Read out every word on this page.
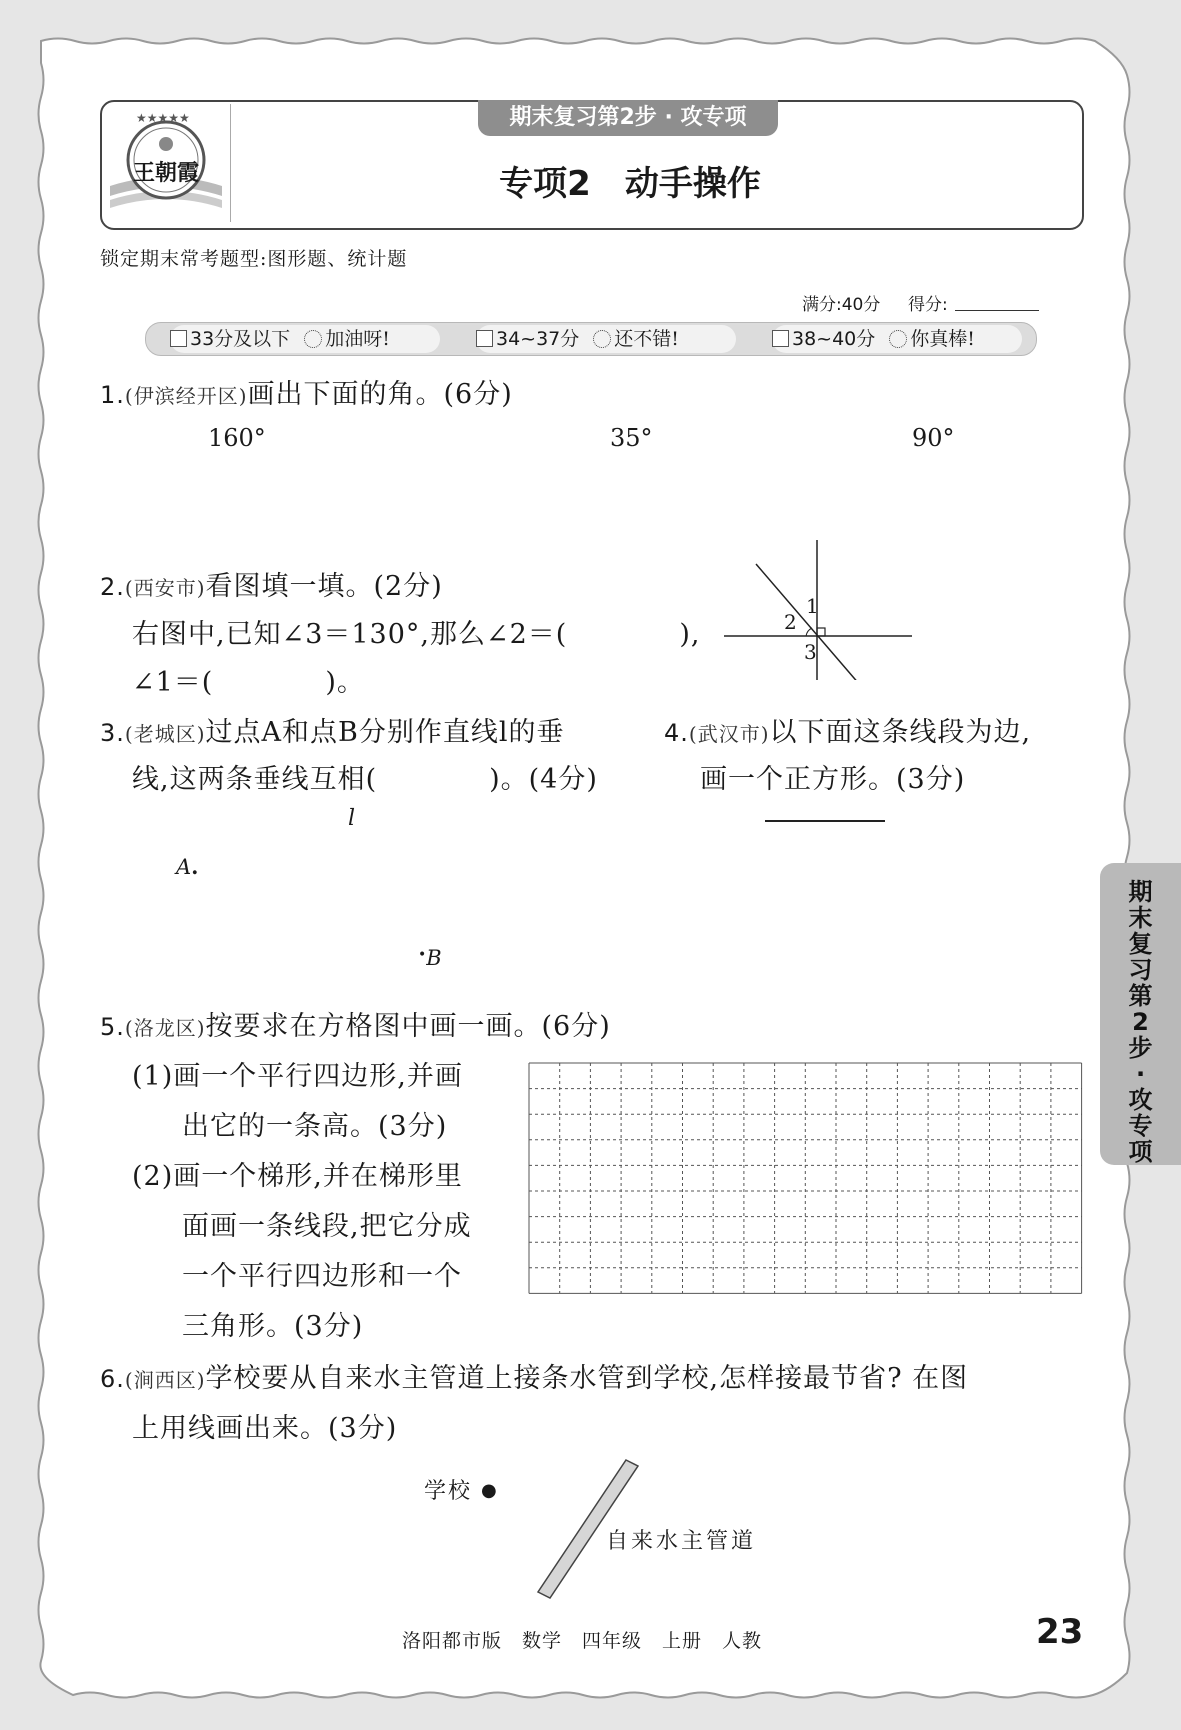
★★★★★
王朝霞
期末复习第2步 · 攻专项
专项2　动手操作
锁定期末常考题型:图形题、统计题
满分:40分 得分:
33分及以下 加油呀!	34~37分 还不错!	38~40分 你真棒!
1.(伊滨经开区)画出下面的角。(6分)
160°	35°	90°
2.(西安市)看图填一填。(2分)
右图中,已知∠3＝130°,那么∠2＝(　　　　),
∠1＝(　　　　)。
1
2
3
3.(老城区)过点A和点B分别作直线l的垂
线,这两条垂线互相(　　　　)。(4分)
l
A.
•B
4.(武汉市)以下面这条线段为边,
画一个正方形。(3分)
5.(洛龙区)按要求在方格图中画一画。(6分)
(1)画一个平行四边形,并画
出它的一条高。(3分)
(2)画一个梯形,并在梯形里
面画一条线段,把它分成
一个平行四边形和一个
三角形。(3分)
6.(涧西区)学校要从自来水主管道上接条水管到学校,怎样接最节省? 在图
上用线画出来。(3分)
学校 ●
自来水主管道
洛阳都市版　数学　四年级　上册　人教	23
期末复习第2步·攻专项
